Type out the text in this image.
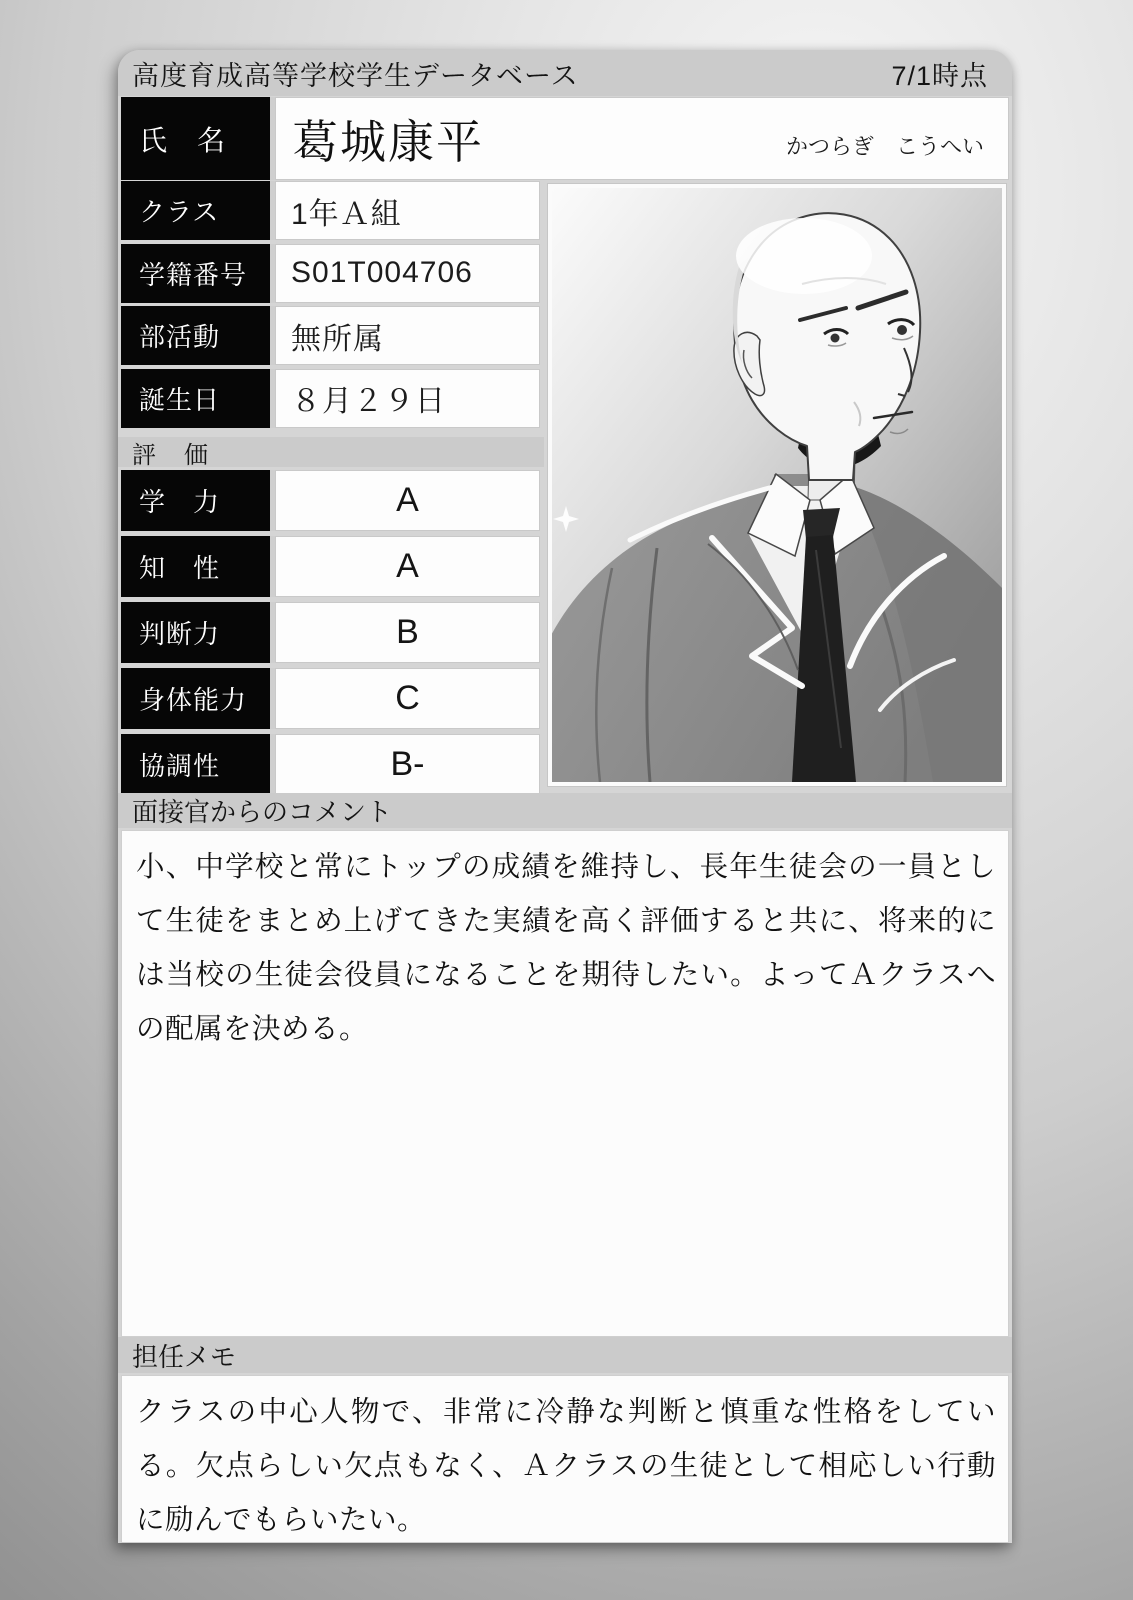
高度育成高等学校学生データベース	7/1時点
氏　名	葛城康平	かつらぎ　こうへい
クラス	1年Ａ組
学籍番号	S01T004706
部活動	無所属
誕生日	８月２９日
評　価
学　力	A
知　性	A
判断力	B
身体能力	C
協調性	B-
面接官からのコメント
小、中学校と常にトップの成績を維持し、長年生徒会の一員として生徒をまとめ上げてきた実績を高く評価すると共に、将来的には当校の生徒会役員になることを期待したい。よってＡクラスへの配属を決める。
担任メモ
クラスの中心人物で、非常に冷静な判断と慎重な性格をしている。欠点らしい欠点もなく、Ａクラスの生徒として相応しい行動に励んでもらいたい。
